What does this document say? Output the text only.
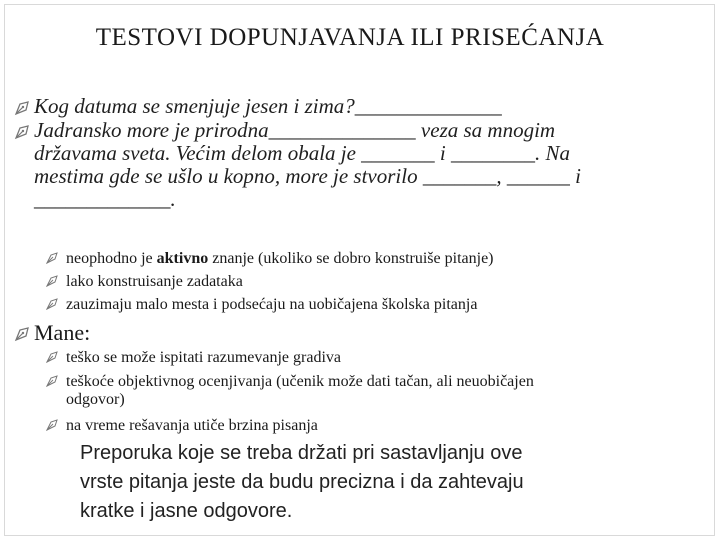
TESTOVI DOPUNJAVANJA ILI PRISEĆANJA
Kog datuma se smenjuje jesen i zima?______________
Jadransko more je prirodna______________ veza sa mnogim
državama sveta. Većim delom obala je _______ i ________. Na
mestima gde se ušlo u kopno, more je stvorilo _______, ______ i
_____________.
neophodno je aktivno znanje (ukoliko se dobro konstruiše pitanje)
lako konstruisanje zadataka
zauzimaju malo mesta i podsećaju na uobičajena školska pitanja
Mane:
teško se može ispitati razumevanje gradiva
teškoće objektivnog ocenjivanja (učenik može dati tačan, ali neuobičajen
odgovor)
na vreme rešavanja utiče brzina pisanja
Preporuka koje se treba držati pri sastavljanju ove
vrste pitanja jeste da budu precizna i da zahtevaju
kratke i jasne odgovore.
